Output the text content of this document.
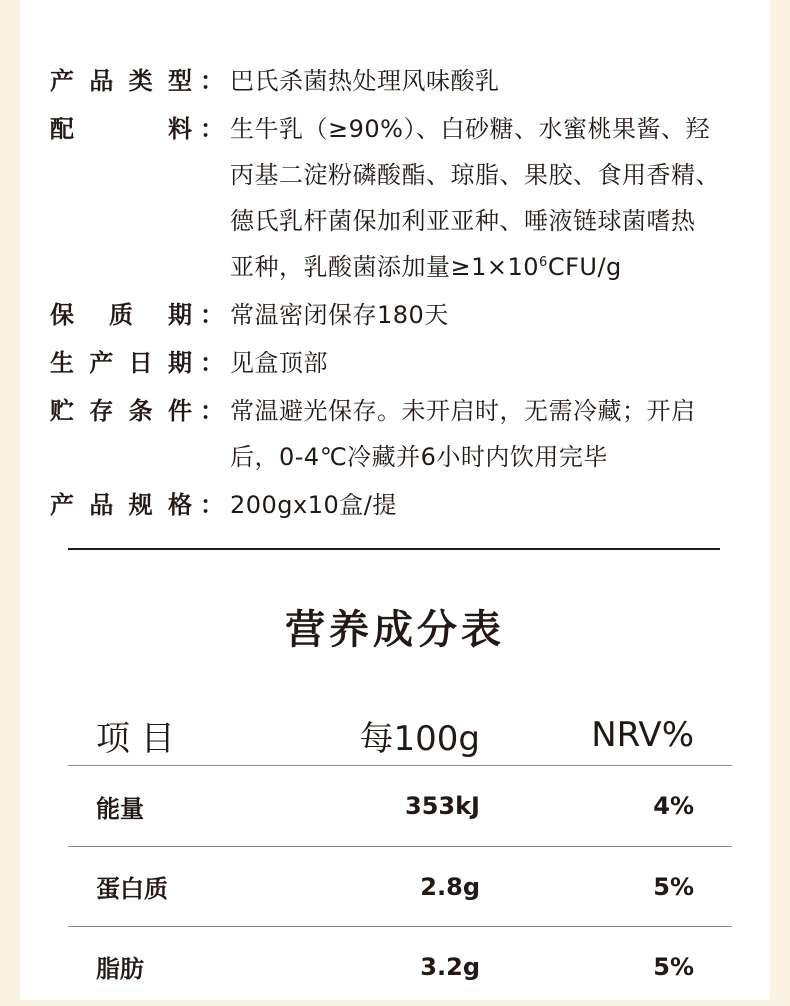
产 品 类 型 ： 巴氏杀菌热处理风味酸乳
配	料 ： 生牛乳（≥90%）、白砂糖、水蜜桃果酱、羟
丙基二淀粉磷酸酯、琼脂、果胶、食用香精、
德氏乳杆菌保加利亚亚种、唾液链球菌嗜热
亚种，乳酸菌添加量$\ge 1\times 10^6CFU/g$
保 质 期 ： 常温密闭保存180天
生 产 日 期 ： 见盒顶部
贮 存 条 件 ： 常温避光保存。未开启时，无需冷藏；开启
后，0-4℃冷藏并6小时内饮用完毕
产 品 规 格 ： 200gx10盒/提
营养成分表
项 目	每100g	NRV%
能量	353kJ	4%
蛋白质	2.8g	5%
脂肪	3.2g	5%
